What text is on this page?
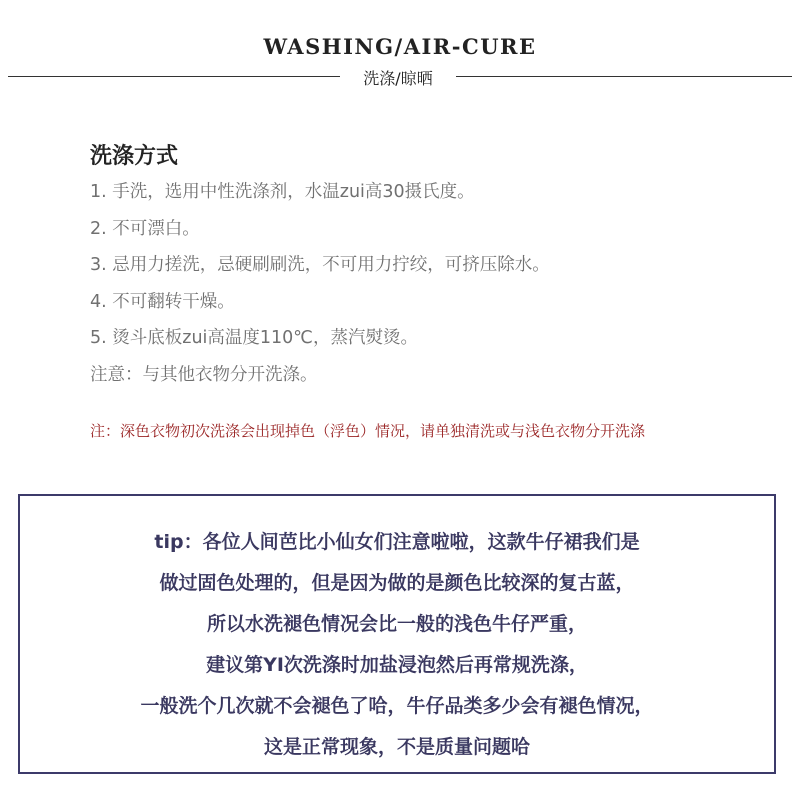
WASHING/AIR-CURE
洗涤/晾晒
洗涤方式
1. 手洗，选用中性洗涤剂，水温zui高30摄氏度。
2. 不可漂白。
3. 忌用力搓洗，忌硬刷刷洗，不可用力拧绞，可挤压除水。
4. 不可翻转干燥。
5. 烫斗底板zui高温度110℃，蒸汽熨烫。
注意：与其他衣物分开洗涤。
注：深色衣物初次洗涤会出现掉色（浮色）情况，请单独清洗或与浅色衣物分开洗涤
tip：各位人间芭比小仙女们注意啦啦，这款牛仔裙我们是
做过固色处理的，但是因为做的是颜色比较深的复古蓝，
所以水洗褪色情况会比一般的浅色牛仔严重，
建议第YI次洗涤时加盐浸泡然后再常规洗涤，
一般洗个几次就不会褪色了哈，牛仔品类多少会有褪色情况，
这是正常现象，不是质量问题哈
